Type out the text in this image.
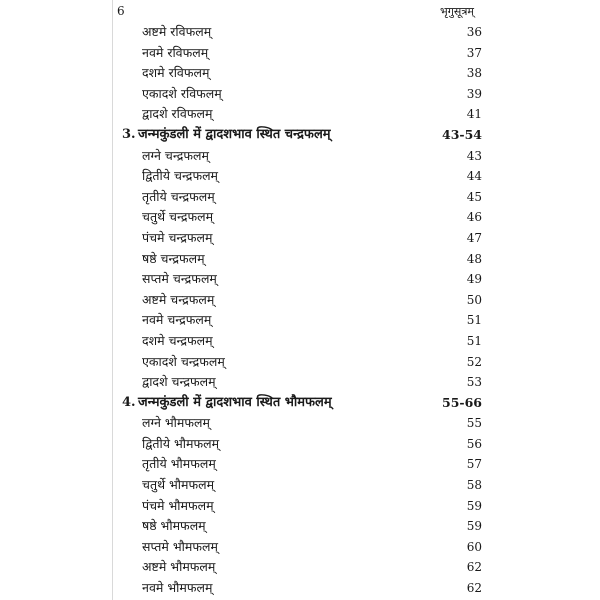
6	भृगुसूत्रम्
अष्टमे रविफलम्	36
नवमे रविफलम्	37
दशमे रविफलम्	38
एकादशे रविफलम्	39
द्वादशे रविफलम्	41
3. जन्मकुंडली में द्वादशभाव स्थित चन्द्रफलम्	43-54
लग्ने चन्द्रफलम्	43
द्वितीये चन्द्रफलम्	44
तृतीये चन्द्रफलम्	45
चतुर्थे चन्द्रफलम्	46
पंचमे चन्द्रफलम्	47
षष्ठे चन्द्रफलम्	48
सप्तमे चन्द्रफलम्	49
अष्टमे चन्द्रफलम्	50
नवमे चन्द्रफलम्	51
दशमे चन्द्रफलम्	51
एकादशे चन्द्रफलम्	52
द्वादशे चन्द्रफलम्	53
4. जन्मकुंडली में द्वादशभाव स्थित भौमफलम्	55-66
लग्ने भौमफलम्	55
द्वितीये भौमफलम्	56
तृतीये भौमफलम्	57
चतुर्थे भौमफलम्	58
पंचमे भौमफलम्	59
षष्ठे भौमफलम्	59
सप्तमे भौमफलम्	60
अष्टमे भौमफलम्	62
नवमे भौमफलम्	62
